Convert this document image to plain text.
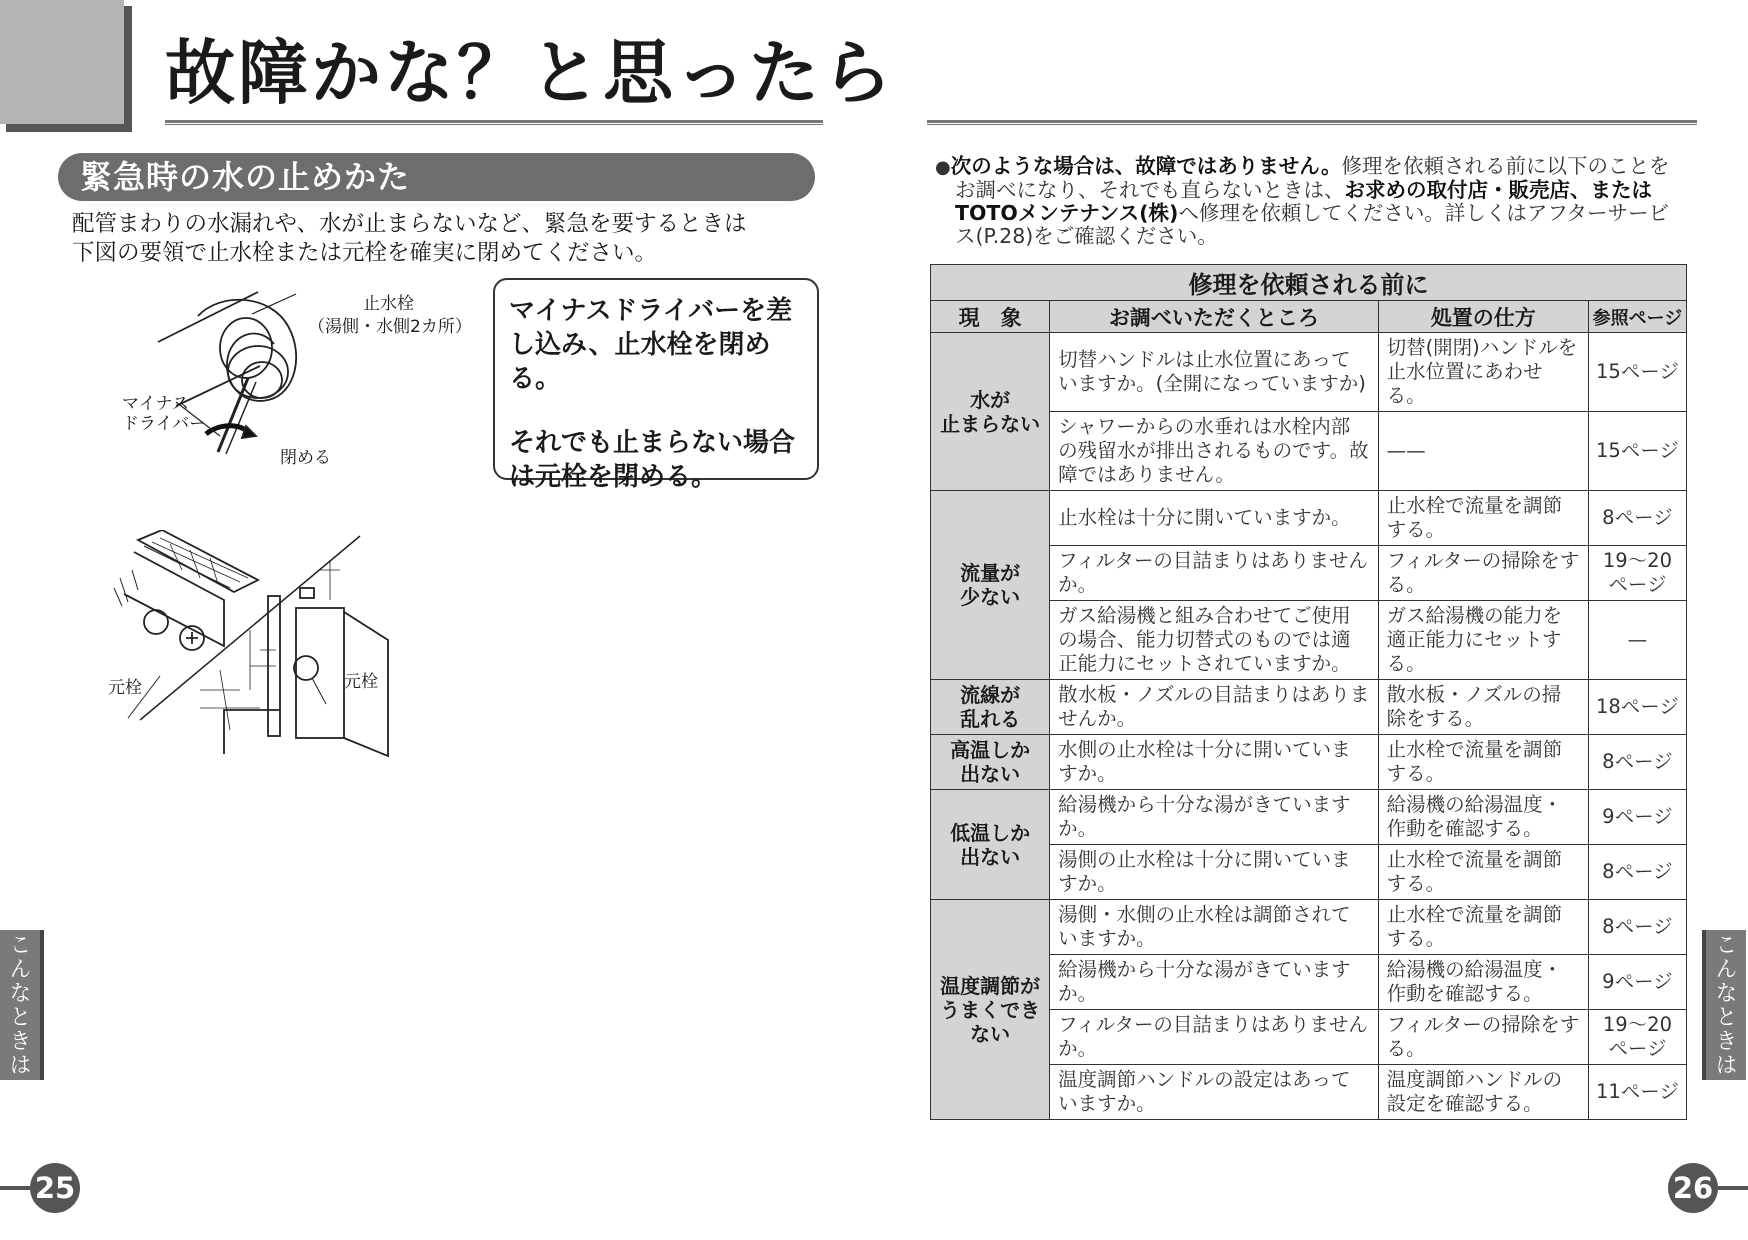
故障かな？と思ったら
緊急時の水の止めかた
配管まわりの水漏れや、水が止まらないなど、緊急を要するときは
下図の要領で止水栓または元栓を確実に閉めてください。
止水栓
（湯側・水側2カ所）
マイナス
ドライバー
閉める

マイナスドライバーを差し込み、止水栓を閉める。

それでも止まらない場合は元栓を閉める。

元栓	元栓
こんなときは
25
●次のような場合は、故障ではありません。修理を依頼される前に以下のことを
お調べになり、それでも直らないときは、お求めの取付店・販売店、または
TOTOメンテナンス(株)へ修理を依頼してください。詳しくはアフターサービ
ス(P.28)をご確認ください。
修理を依頼される前に			
現　象	お調べいただくところ	処置の仕方	参照ページ
水が
止まらない	切替ハンドルは止水位置にあっていますか。(全開になっていますか)	切替(開閉)ハンドルを止水位置にあわせる。	15ページ
	シャワーからの水垂れは水栓内部の残留水が排出されるものです。故障ではありません。	——	15ページ
流量が
少ない	止水栓は十分に開いていますか。	止水栓で流量を調節する。	8ページ
	フィルターの目詰まりはありませんか。	フィルターの掃除をする。	19〜20
ページ
	ガス給湯機と組み合わせてご使用の場合、能力切替式のものでは適正能力にセットされていますか。	ガス給湯機の能力を適正能力にセットする。	—
流線が
乱れる	散水板・ノズルの目詰まりはありませんか。	散水板・ノズルの掃除をする。	18ページ
高温しか
出ない	水側の止水栓は十分に開いていますか。	止水栓で流量を調節する。	8ページ
低温しか
出ない	給湯機から十分な湯がきていますか。	給湯機の給湯温度・作動を確認する。	9ページ
	湯側の止水栓は十分に開いていますか。	止水栓で流量を調節する。	8ページ
温度調節が
うまくでき
ない	湯側・水側の止水栓は調節されていますか。	止水栓で流量を調節する。	8ページ
	給湯機から十分な湯がきていますか。	給湯機の給湯温度・作動を確認する。	9ページ
	フィルターの目詰まりはありませんか。	フィルターの掃除をする。	19〜20
ページ
	温度調節ハンドルの設定はあっていますか。	温度調節ハンドルの設定を確認する。	11ページ
こんなときは
26
